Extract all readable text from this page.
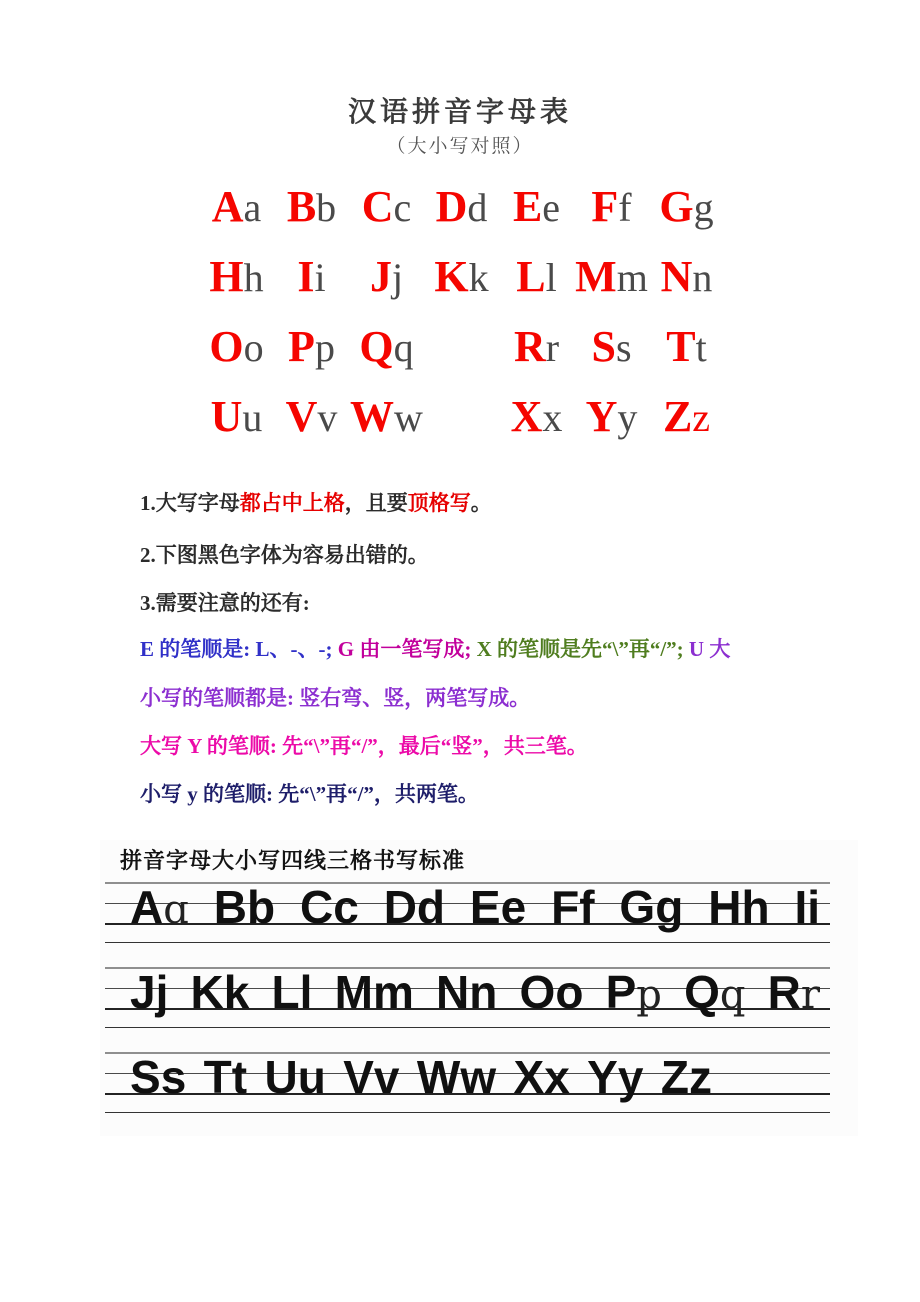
汉语拼音字母表
（大小写对照）
A a B b C c D d E e F f G g
H h I i J j K k L l M m N n
O o P p Q q R r S s T t
U u V v W w X x Y y Z z
1.大写字母都占中上格，且要顶格写。
2.下图黑色字体为容易出错的。
3.需要注意的还有:
E 的笔顺是: L、-、-; G 由一笔写成; X 的笔顺是先“\”再“/”; U 大
小写的笔顺都是: 竖右弯、竖，两笔写成。
大写 Y 的笔顺: 先“\”再“/”，最后“竖”，共三笔。
小写 y 的笔顺: 先“\”再“/”，共两笔。
拼音字母大小写四线三格书写标准
A ɑ B b C c D d E e F f G g H h I i
J j K k L l M m N n O o P p Q q R r
S s T t U u V v W w X x Y y Z z
